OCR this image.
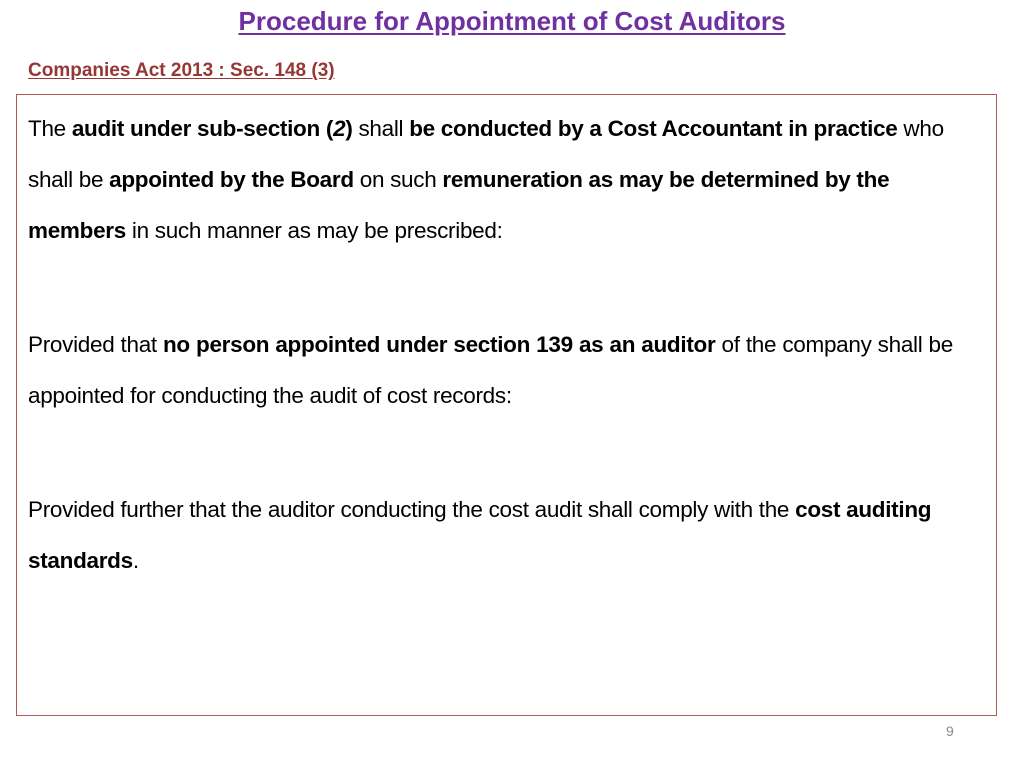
Procedure for Appointment of Cost Auditors
Companies Act 2013 : Sec. 148 (3)

The audit under sub-section (2) shall be conducted by a Cost Accountant in practice who shall be appointed by the Board on such remuneration as may be determined by the members in such manner as may be prescribed:

Provided that no person appointed under section 139 as an auditor of the company shall be appointed for conducting the audit of cost records:

Provided further that the auditor conducting the cost audit shall comply with the cost auditing standards.

9
